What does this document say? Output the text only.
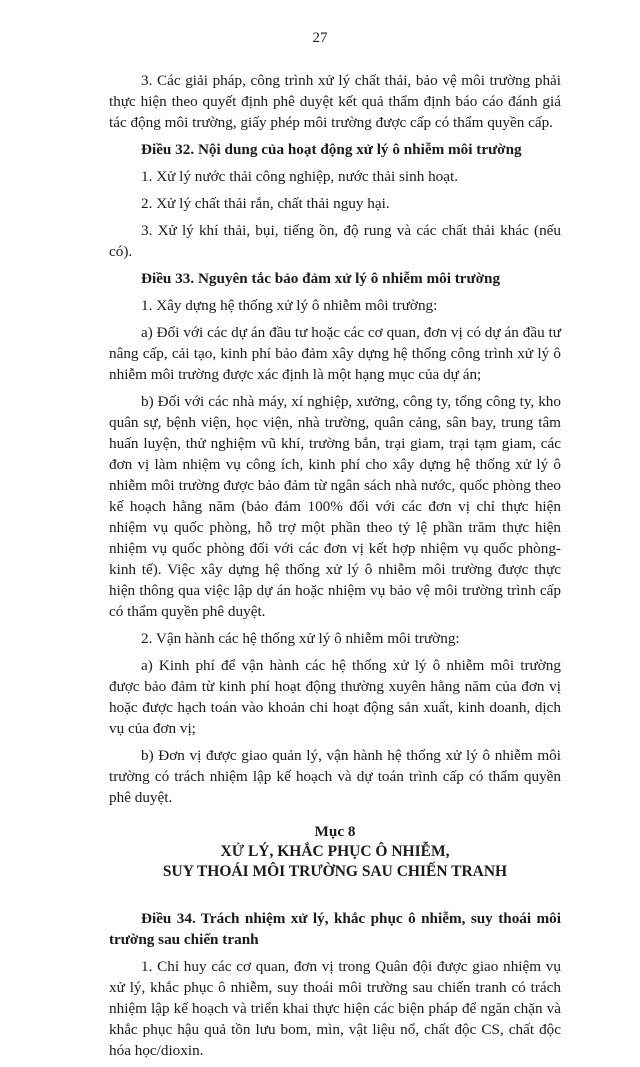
27

3. Các giải pháp, công trình xử lý chất thải, bảo vệ môi trường phải thực hiện theo quyết định phê duyệt kết quả thẩm định báo cáo đánh giá tác động môi trường, giấy phép môi trường được cấp có thẩm quyền cấp.

Điều 32. Nội dung của hoạt động xử lý ô nhiễm môi trường

1. Xử lý nước thải công nghiệp, nước thải sinh hoạt.

2. Xử lý chất thải rắn, chất thải nguy hại.

3. Xử lý khí thải, bụi, tiếng ồn, độ rung và các chất thải khác (nếu có).

Điều 33. Nguyên tắc bảo đảm xử lý ô nhiễm môi trường

1. Xây dựng hệ thống xử lý ô nhiễm môi trường:

a) Đối với các dự án đầu tư hoặc các cơ quan, đơn vị có dự án đầu tư nâng cấp, cải tạo, kinh phí bảo đảm xây dựng hệ thống công trình xử lý ô nhiễm môi trường được xác định là một hạng mục của dự án;

b) Đối với các nhà máy, xí nghiệp, xưởng, công ty, tổng công ty, kho quân sự, bệnh viện, học viện, nhà trường, quân cảng, sân bay, trung tâm huấn luyện, thử nghiệm vũ khí, trường bắn, trại giam, trại tạm giam, các đơn vị làm nhiệm vụ công ích, kinh phí cho xây dựng hệ thống xử lý ô nhiễm môi trường được bảo đảm từ ngân sách nhà nước, quốc phòng theo kế hoạch hằng năm (bảo đảm 100% đối với các đơn vị chỉ thực hiện nhiệm vụ quốc phòng, hỗ trợ một phần theo tỷ lệ phần trăm thực hiện nhiệm vụ quốc phòng đối với các đơn vị kết hợp nhiệm vụ quốc phòng-kinh tế). Việc xây dựng hệ thống xử lý ô nhiễm môi trường được thực hiện thông qua việc lập dự án hoặc nhiệm vụ bảo vệ môi trường trình cấp có thẩm quyền phê duyệt.

2. Vận hành các hệ thống xử lý ô nhiễm môi trường:

a) Kinh phí để vận hành các hệ thống xử lý ô nhiễm môi trường được bảo đảm từ kinh phí hoạt động thường xuyên hằng năm của đơn vị hoặc được hạch toán vào khoản chi hoạt động sản xuất, kinh doanh, dịch vụ của đơn vị;

b) Đơn vị được giao quản lý, vận hành hệ thống xử lý ô nhiễm môi trường có trách nhiệm lập kế hoạch và dự toán trình cấp có thẩm quyền phê duyệt.

Mục 8
XỬ LÝ, KHẮC PHỤC Ô NHIỄM,
SUY THOÁI MÔI TRƯỜNG SAU CHIẾN TRANH

Điều 34. Trách nhiệm xử lý, khắc phục ô nhiễm, suy thoái môi trường sau chiến tranh

1. Chỉ huy các cơ quan, đơn vị trong Quân đội được giao nhiệm vụ xử lý, khắc phục ô nhiễm, suy thoái môi trường sau chiến tranh có trách nhiệm lập kế hoạch và triển khai thực hiện các biện pháp để ngăn chặn và khắc phục hậu quả tồn lưu bom, mìn, vật liệu nổ, chất độc CS, chất độc hóa học/dioxin.
